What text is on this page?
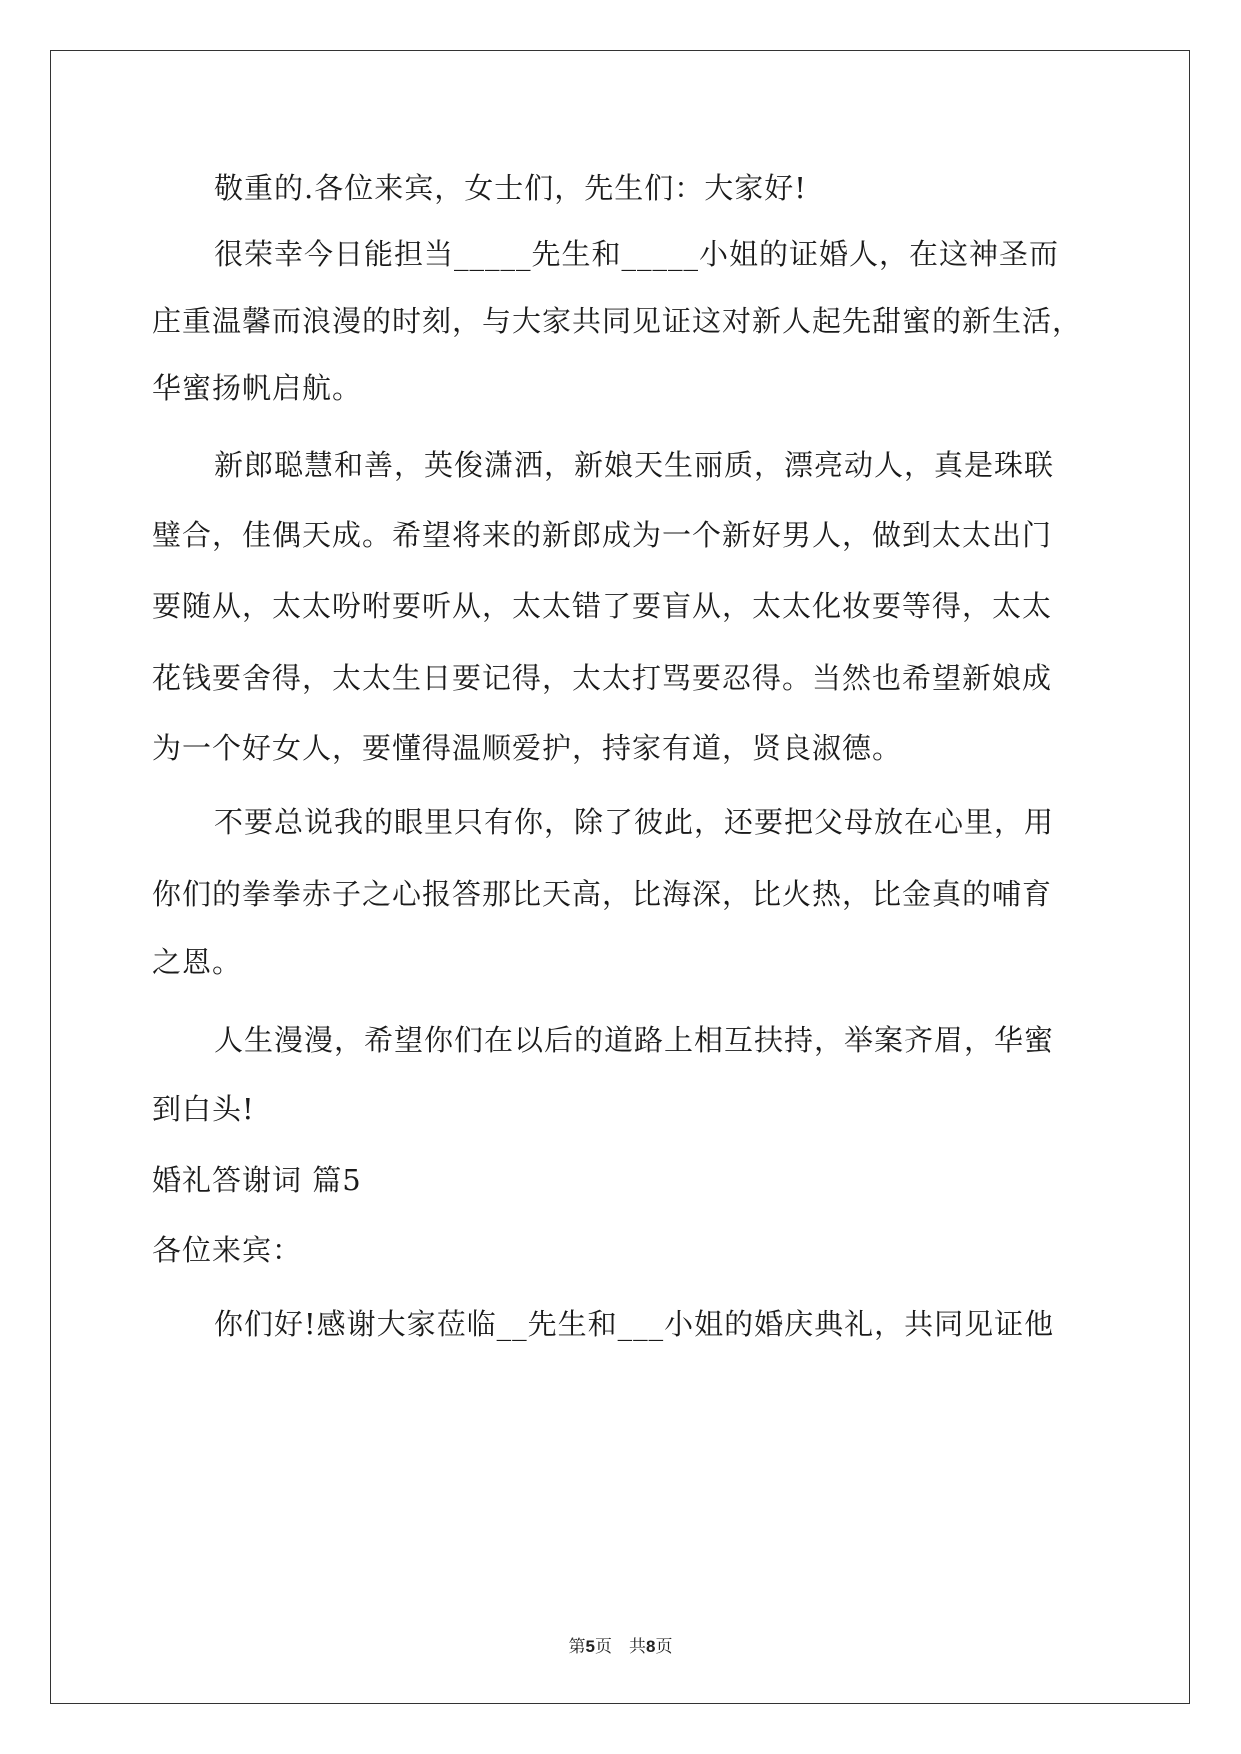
敬重的.各位来宾，女士们，先生们：大家好!
很荣幸今日能担当_____先生和_____小姐的证婚人，在这神圣而
庄重温馨而浪漫的时刻，与大家共同见证这对新人起先甜蜜的新生活，
华蜜扬帆启航。
新郎聪慧和善，英俊潇洒，新娘天生丽质，漂亮动人，真是珠联
璧合，佳偶天成。希望将来的新郎成为一个新好男人，做到太太出门
要随从，太太吩咐要听从，太太错了要盲从，太太化妆要等得，太太
花钱要舍得，太太生日要记得，太太打骂要忍得。当然也希望新娘成
为一个好女人，要懂得温顺爱护，持家有道，贤良淑德。
不要总说我的眼里只有你，除了彼此，还要把父母放在心里，用
你们的拳拳赤子之心报答那比天高，比海深，比火热，比金真的哺育
之恩。
人生漫漫，希望你们在以后的道路上相互扶持，举案齐眉，华蜜
到白头!
婚礼答谢词 篇5
各位来宾：
你们好!感谢大家莅临__先生和___小姐的婚庆典礼，共同见证他
第5页　共8页
